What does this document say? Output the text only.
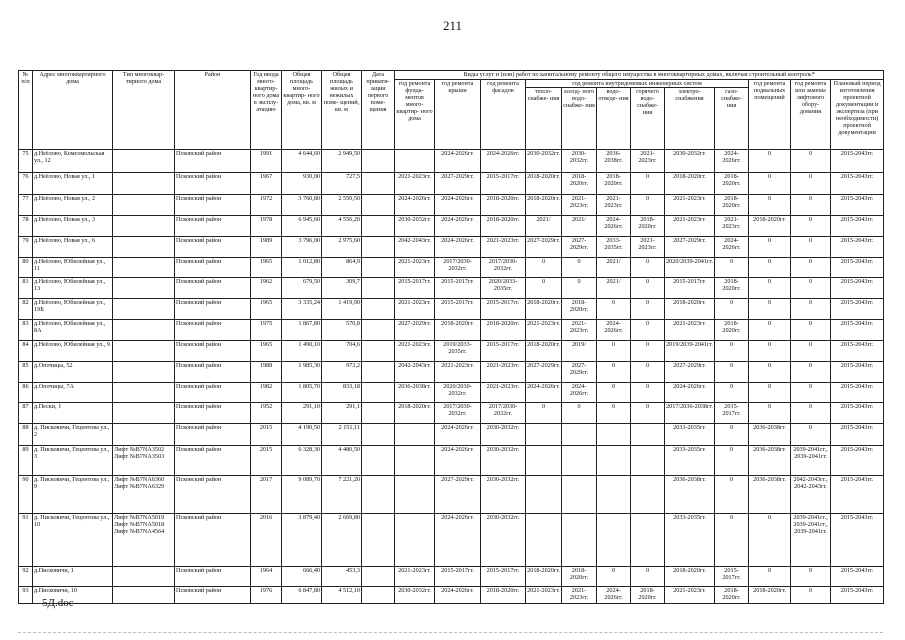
211
№ п/п	Адрес многоквартирного дома	Тип многоквар- тирного дома	Район	Год ввода много- квартир- ного дома в эксплу- атацию	Общая площадь много- квартир- ного дома, кв. м	Общая площадь жилых и нежилых поме- щений, кв. м	Дата привати- зации первого поме- щения	Виды услуг и (или) работ по капитальному ремонту общего имущества в многоквартирных домах, включая строительный контроль*											
								год ремонта фунда- ментов много- квартир- ного дома	год ремонта крыши	год ремонта фасадов	год ремонта внутридомовых инженерных систем						год ремонта подвальных помещений	год ремонта или замены лифтового обору- дования	Плановый период изготовления проектной документации и экспертиза (при необходимости) проектной документации
											тепло- снабже- ния	холод- ного водо- снабже- ния	водо- отведе- ния	горячего водо- снабже- ния	электро- снабжения	газо- снабже- ния			
75	д.Неёлово, Комсомольская ул., 12		Псковский район	1991	4 644,60	2 949,50			2024-2026гг.	2024-2026гг.	2030-2032гг.	2030-2032гг.	2036-2038гг.	2021-2023гг.	2030-2032гг.	2024-2026гг.	0	0	2015-2043гг.
76	д.Неёлово, Новая ул., 1		Псковский район	1967	930,00	727,5		2021-2023гг.	2027-2029гг.	2015-2017гг.	2018-2020гг.	2018-2020гг.	2018-2020гг.	0	2018-2020гг.	2018-2020гг.	0	0	2015-2043гг.
77	д.Неёлово, Новая ул., 2		Псковский район	1972	3 760,80	2 550,50		2024-2026гг.	2024-2026гг.	2018-2020гг.	2018-2020гг.	2021-2023гг.	2021-2023гг.	0	2021-2023гг.	2018-2020гг.	0	0	2015-2043гг.
78	д.Неёлово, Новая ул., 3		Псковский район	1978	6 945,60	4 556,20		2030-2032гг.	2024-2026гг.	2018-2020гг.	2021/	2021/	2024-2026гг.	2018-2020гг.	2021-2023гг.	2021-2023гг.	2018-2020гг.	0	2015-2043гг.
79	д.Неёлово, Новая ул., 6		Псковский район	1989	3 796,00	2 975,60		2042-2043гг.	2024-2026гг.	2021-2023гг.	2027-2029гг.	2027-2029гг.	2033-2035гг.	2021-2023гг.	2027-2029гг.	2024-2026гг.	0	0	2015-2043гг.
80	д.Неёлово, Юбилейная ул., 11		Псковский район	1965	1 012,80	864,9		2021-2023гг.	2017/2030-2032гг.	2017/2030-2032гг.	0	0	2021/	0	2020/2039-2041гг.	0	0	0	2015-2043гг.
81	д.Неёлово, Юбилейная ул., 13		Псковский район	1962	679,50	309,7		2015-2017гг.	2015-2017гг.	2020/2033-2035гг.	0	0	2021/	0	2015-2017гг.	2018-2020гг.	0	0	2015-2043гг.
82	д.Неёлово, Юбилейная ул., 19Б		Псковский район	1965	3 335,24	1 419,90		2021-2023гг.	2015-2017гг.	2015-2017гг.	2018-2020гг.	2018-2020гг.	0	0	2018-2020гг.	0	0	0	2015-2043гг.
83	д.Неёлово, Юбилейная ул., 8А		Псковский район	1975	1 867,80	570,8		2027-2029гг.	2018-2020гг.	2018-2020гг.	2021-2023гг.	2021-2023гг.	2024-2026гг.	0	2021-2023гг.	2018-2020гг.	0	0	2015-2043гг.
84	д.Неёлово, Юбилейная ул., 9		Псковский район	1965	1 490,10	704,6		2021-2023гг.	2019/2033-2035гг.	2015-2017гг.	2018-2020гг.	2019/	0	0	2019/2039-2041гг.	0	0	0	2015-2043гг.
85	д.Опочицы, 52		Псковский район	1988	1 985,30	973,2		2042-2043гг.	2021-2023гг.	2021-2023гг.	2027-2029гг.	2027-2029гг.	0	0	2027-2029гг.	0	0	0	2015-2043гг.
86	д.Опочицы, 7А		Псковский район	1982	1 805,70	833,18		2036-2038гг.	2020/2030-2032гг.	2021-2023гг.	2024-2026гг.	2024-2026гг.	0	0	2024-2026гг.	0	0	0	2015-2043гг.
87	д.Пески, 1		Псковский район	1952	291,10	291,1		2018-2020гг.	2017/2030-2032гг.	2017/2030-2032гг.	0	0	0	0	2017/2036-2038гг.	2015-2017гг.	0	0	2015-2043гг.
88	д. Писковичи, Гецентова ул., 2		Псковский район	2015	4 190,50	2 151,11			2024-2026гг.	2030-2032гг.					2033-2035гг.	0	2036-2038гг.	0	2015-2043гг.
89	д. Писковичи, Гецентова ул., 3	Лифт №В7NA3502 Лифт №В7NA3503	Псковский район	2015	6 328,30	4 480,50			2024-2026гг.	2030-2032гг.					2033-2035гг.	0	2036-2038гг.	2039-2041гг., 2039-2041гг.	2015-2043гг.
90	д. Писковичи, Гецентова ул., 9	Лифт №В7NA6360 Лифт №В7NA6329	Псковский район	2017	9 089,70	7 221,20			2027-2029гг.	2030-2032гг.					2036-2038гг.	0	2036-2038гг.	2042-2043гг., 2042-2043гг.	2015-2043гг.
91	д. Писковичи, Гецентова ул., 10	Лифт №В7NA5019 Лифт №В7NA5018 Лифт №В7NA4564	Псковский район	2016	3 879,40	2 669,80			2024-2026гг.	2030-2032гг.					2033-2035гг.	0	0	2039-2041гг., 2039-2041гг., 2039-2041гг.	2015-2043гг.
92	д.Писковичи, 1		Псковский район	1964	666,40	453,3		2021-2023гг.	2015-2017гг.	2015-2017гг.	2018-2020гг.	2018-2020гг.	0	0	2018-2020гг.	2015-2017гг.	0	0	2015-2043гг.
93	д.Писковичи, 10		Псковский район	1976	6 847,80	4 512,10		2030-2032гг.	2024-2026гг.	2018-2020гг.	2021-2023гг.	2021-2023гг.	2024-2026гг.	2018-2020гг.	2021-2023гг.	2018-2020гг.	2018-2020гг.	0	2015-2043гг.
5Д.doc
